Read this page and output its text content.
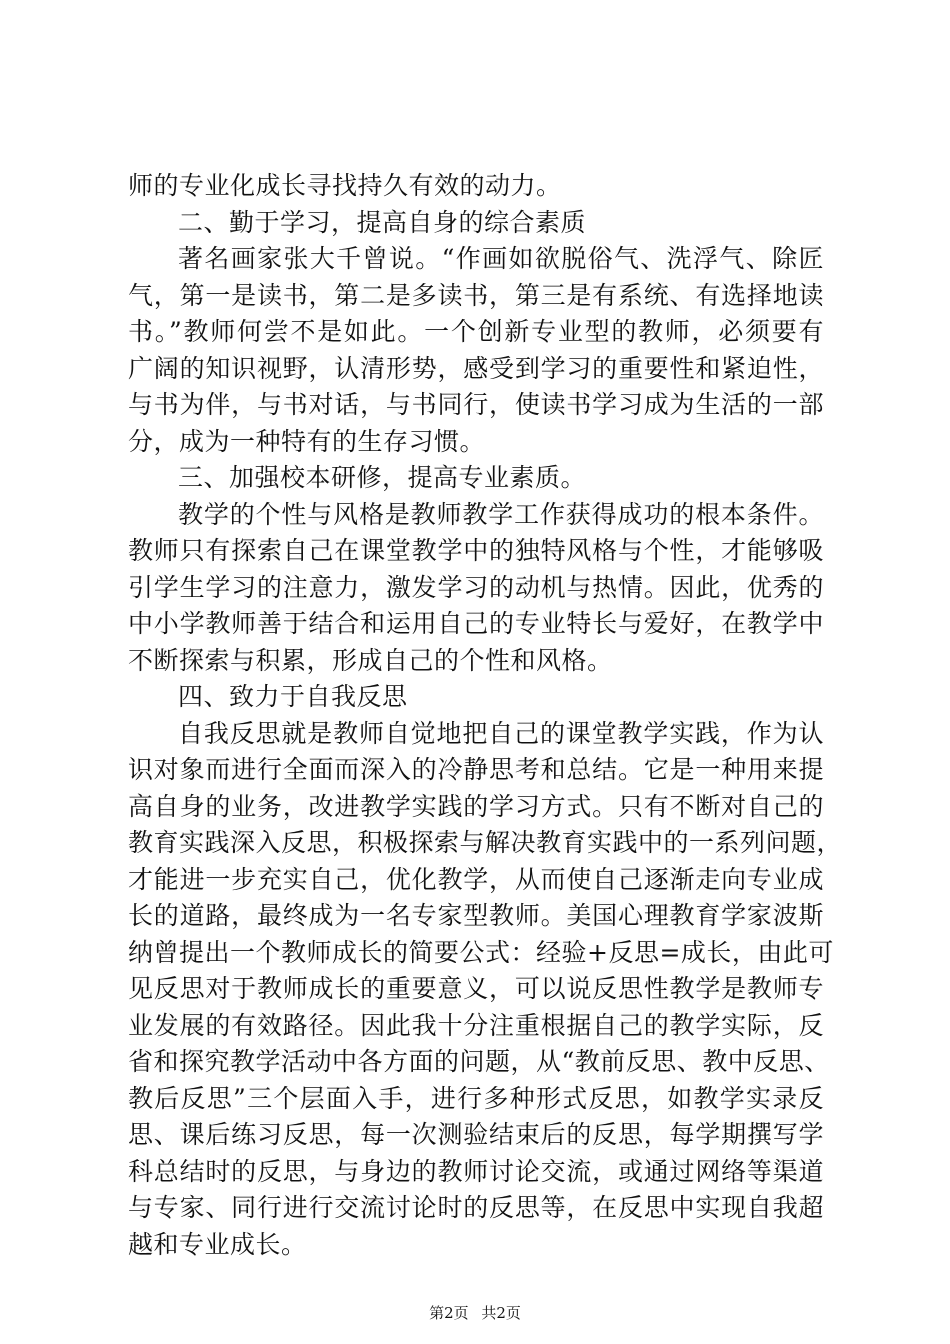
师的专业化成长寻找持久有效的动力。
二、勤于学习，提高自身的综合素质
著名画家张大千曾说。“作画如欲脱俗气、洗浮气、除匠
气，第一是读书，第二是多读书，第三是有系统、有选择地读
书。”教师何尝不是如此。一个创新专业型的教师，必须要有
广阔的知识视野，认清形势，感受到学习的重要性和紧迫性，
与书为伴，与书对话，与书同行，使读书学习成为生活的一部
分，成为一种特有的生存习惯。
三、加强校本研修，提高专业素质。
教学的个性与风格是教师教学工作获得成功的根本条件。
教师只有探索自己在课堂教学中的独特风格与个性，才能够吸
引学生学习的注意力，激发学习的动机与热情。因此，优秀的
中小学教师善于结合和运用自己的专业特长与爱好，在教学中
不断探索与积累，形成自己的个性和风格。
四、致力于自我反思
自我反思就是教师自觉地把自己的课堂教学实践，作为认
识对象而进行全面而深入的冷静思考和总结。它是一种用来提
高自身的业务，改进教学实践的学习方式。只有不断对自己的
教育实践深入反思，积极探索与解决教育实践中的一系列问题，
才能进一步充实自己，优化教学，从而使自己逐渐走向专业成
长的道路，最终成为一名专家型教师。美国心理教育学家波斯
纳曾提出一个教师成长的简要公式：经验+反思=成长，由此可
见反思对于教师成长的重要意义，可以说反思性教学是教师专
业发展的有效路径。因此我十分注重根据自己的教学实际，反
省和探究教学活动中各方面的问题，从“教前反思、教中反思、
教后反思”三个层面入手，进行多种形式反思，如教学实录反
思、课后练习反思，每一次测验结束后的反思，每学期撰写学
科总结时的反思，与身边的教师讨论交流，或通过网络等渠道
与专家、同行进行交流讨论时的反思等，在反思中实现自我超
越和专业成长。
第2页 共2页
